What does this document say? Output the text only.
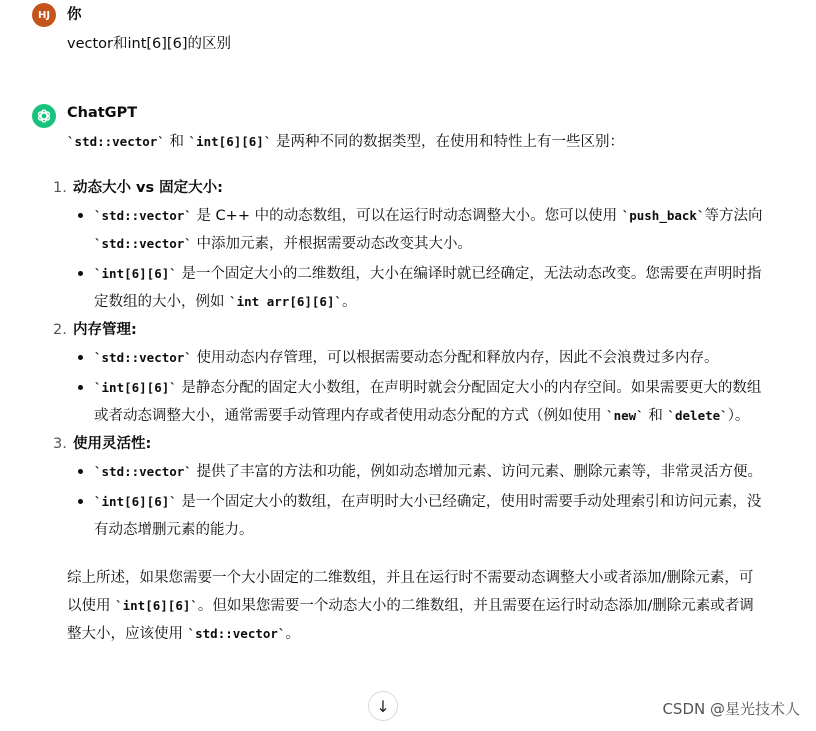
HJ	你
vector和int[6][6]的区别
ChatGPT

`std::vector` 和 `int[6][6]` 是两种不同的数据类型，在使用和特性上有一些区别：

1. 动态大小 vs 固定大小:
`std::vector` 是 C++ 中的动态数组，可以在运行时动态调整大小。您可以使用 `push_back`等方法向 `std::vector` 中添加元素，并根据需要动态改变其大小。
`int[6][6]` 是一个固定大小的二维数组，大小在编译时就已经确定，无法动态改变。您需要在声明时指定数组的大小，例如 `int arr[6][6]`。
2. 内存管理:
`std::vector` 使用动态内存管理，可以根据需要动态分配和释放内存，因此不会浪费过多内存。
`int[6][6]` 是静态分配的固定大小数组，在声明时就会分配固定大小的内存空间。如果需要更大的数组或者动态调整大小，通常需要手动管理内存或者使用动态分配的方式（例如使用 `new` 和 `delete`）。
3. 使用灵活性:
`std::vector` 提供了丰富的方法和功能，例如动态增加元素、访问元素、删除元素等，非常灵活方便。
`int[6][6]` 是一个固定大小的数组，在声明时大小已经确定，使用时需要手动处理索引和访问元素，没有动态增删元素的能力。

综上所述，如果您需要一个大小固定的二维数组，并且在运行时不需要动态调整大小或者添加/删除元素，可以使用 `int[6][6]`。但如果您需要一个动态大小的二维数组，并且需要在运行时动态添加/删除元素或者调整大小，应该使用 `std::vector`。

↓	CSDN @星光技术人
